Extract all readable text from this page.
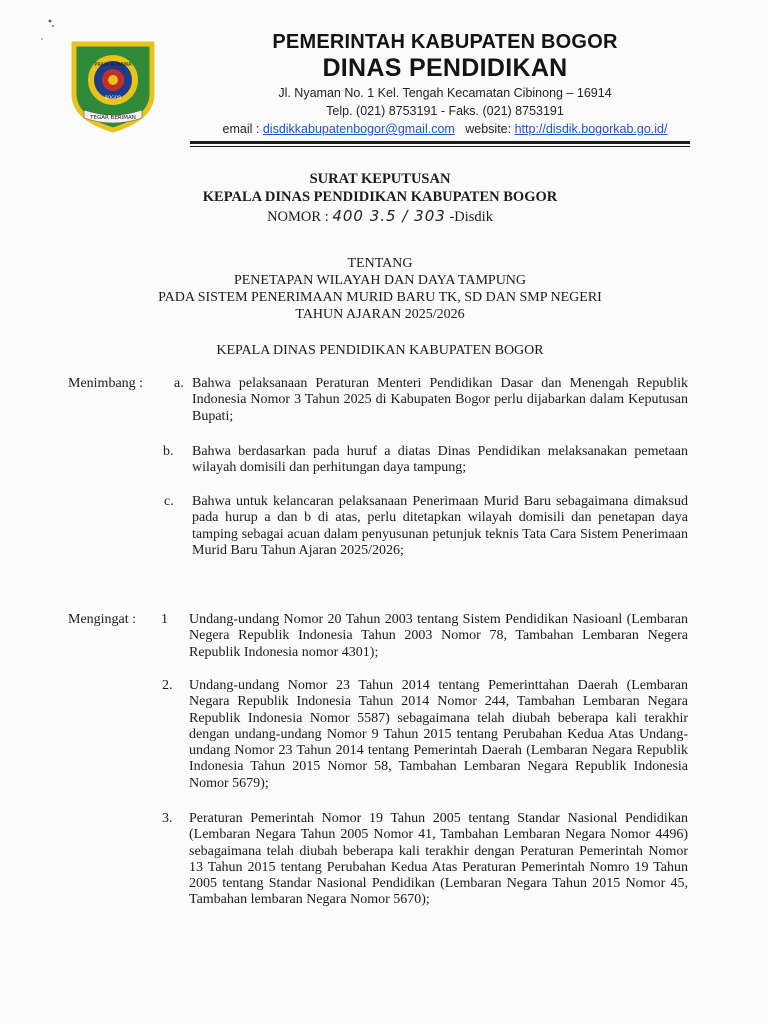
PRAJA WIBAWA
BOGOR
TEGAR BERIMAN
PEMERINTAH KABUPATEN BOGOR
DINAS PENDIDIKAN
Jl. Nyaman No. 1 Kel. Tengah Kecamatan Cibinong – 16914
Telp. (021) 8753191 - Faks. (021) 8753191
email : disdikkabupatenbogor@gmail.com website: http://disdik.bogorkab.go.id/
SURAT KEPUTUSAN
KEPALA DINAS PENDIDIKAN KABUPATEN BOGOR
NOMOR : 400 3.5 / 303 -Disdik
TENTANG
PENETAPAN WILAYAH DAN DAYA TAMPUNG
PADA SISTEM PENERIMAAN MURID BARU TK, SD DAN SMP NEGERI
TAHUN AJARAN 2025/2026
KEPALA DINAS PENDIDIKAN KABUPATEN BOGOR
Menimbang : a. Bahwa pelaksanaan Peraturan Menteri Pendidikan Dasar dan Menengah Republik Indonesia Nomor 3 Tahun 2025 di Kabupaten Bogor perlu dijabarkan dalam Keputusan Bupati;
b. Bahwa berdasarkan pada huruf a diatas Dinas Pendidikan melaksanakan pemetaan wilayah domisili dan perhitungan daya tampung;
c. Bahwa untuk kelancaran pelaksanaan Penerimaan Murid Baru sebagaimana dimaksud pada hurup a dan b di atas, perlu ditetapkan wilayah domisili dan penetapan daya tamping sebagai acuan dalam penyusunan petunjuk teknis Tata Cara Sistem Penerimaan Murid Baru Tahun Ajaran 2025/2026;
Mengingat : 1 Undang-undang Nomor 20 Tahun 2003 tentang Sistem Pendidikan Nasioanl (Lembaran Negera Republik Indonesia Tahun 2003 Nomor 78, Tambahan Lembaran Negera Republik Indonesia nomor 4301);
2. Undang-undang Nomor 23 Tahun 2014 tentang Pemerinttahan Daerah (Lembaran Negara Republik Indonesia Tahun 2014 Nomor 244, Tambahan Lembaran Negara Republik Indonesia Nomor 5587) sebagaimana telah diubah beberapa kali terakhir dengan undang-undang Nomor 9 Tahun 2015 tentang Perubahan Kedua Atas Undang-undang Nomor 23 Tahun 2014 tentang Pemerintah Daerah (Lembaran Negara Republik Indonesia Tahun 2015 Nomor 58, Tambahan Lembaran Negara Republik Indonesia Nomor 5679);
3. Peraturan Pemerintah Nomor 19 Tahun 2005 tentang Standar Nasional Pendidikan (Lembaran Negara Tahun 2005 Nomor 41, Tambahan Lembaran Negara Nomor 4496) sebagaimana telah diubah beberapa kali terakhir dengan Peraturan Pemerintah Nomor 13 Tahun 2015 tentang Perubahan Kedua Atas Peraturan Pemerintah Nomro 19 Tahun 2005 tentang Standar Nasional Pendidikan (Lembaran Negara Tahun 2015 Nomor 45, Tambahan lembaran Negara Nomor 5670);
